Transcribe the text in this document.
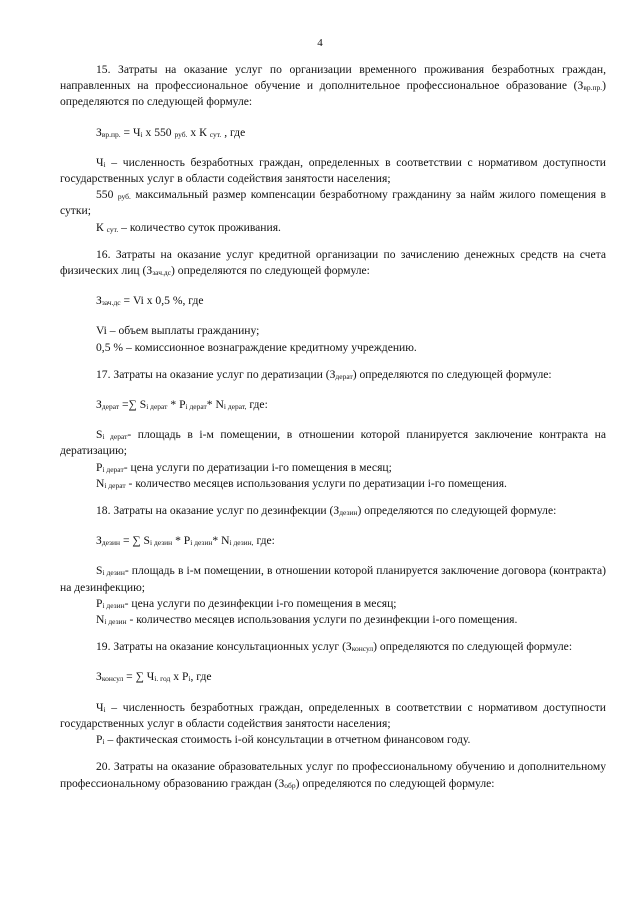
4

15. Затраты на оказание услуг по организации временного проживания безработных граждан, направленных на профессиональное обучение и дополнительное профессиональное образование $(З_{вр.пр.})$ определяются по следующей формуле:

$З_{вр.пр.} = Ч_i$ x 550 $_{руб.}$ x К $_{сут.}$ , где

$Ч_i$ – численность безработных граждан, определенных в соответствии с нормативом доступности государственных услуг в области содействия занятости населения;

550 $_{руб.}$ максимальный размер компенсации безработному гражданину за найм жилого помещения в сутки;

К $_{сут.}$ – количество суток проживания.

16. Затраты на оказание услуг кредитной организации по зачислению денежных средств на счета физических лиц $(З_{зач.дс})$ определяются по следующей формуле:

$З_{зач.дс} = Vi$ x 0,5 %, где

Vi – объем выплаты гражданину;

0,5 % – комиссионное вознаграждение кредитному учреждению.

17. Затраты на оказание услуг по дератизации $(З_{дерат})$ определяются по следующей формуле:

$З_{дерат}$ =∑ $S_{i дерат} * P_{i дерат}*$ $N_{i дерат,}$ где:

$S_{i дерат}-$ площадь в i-м помещении, в отношении которой планируется заключение контракта на дератизацию;

$P_{i дерат}-$ цена услуги по дератизации i-го помещения в месяц;

$N_{i дерат}$ - количество месяцев использования услуги по дератизации i-го помещения.

18. Затраты на оказание услуг по дезинфекции $(З_{дезин})$ определяются по следующей формуле:

$З_{дезин}$ = ∑ $S_{i дезин} * P_{i дезин}*$ $N_{i дезин,}$ где:

$S_{i дезин}-$ площадь в i-м помещении, в отношении которой планируется заключение договора (контракта) на дезинфекцию;

$P_{i дезин}-$ цена услуги по дезинфекции i-го помещения в месяц;

$N_{i дезин}$ - количество месяцев использования услуги по дезинфекции i-ого помещения.

19. Затраты на оказание консультационных услуг $(З_{консул})$ определяются по следующей формуле:

$З_{консул}$ = ∑ $Ч_{i. год}$ x $P_i$, где

$Ч_i$ – численность безработных граждан, определенных в соответствии с нормативом доступности государственных услуг в области содействия занятости населения;

$P_i$ – фактическая стоимость i-ой консультации в отчетном финансовом году.

20. Затраты на оказание образовательных услуг по профессиональному обучению и дополнительному профессиональному образованию граждан $(З_{обр})$ определяются по следующей формуле:
